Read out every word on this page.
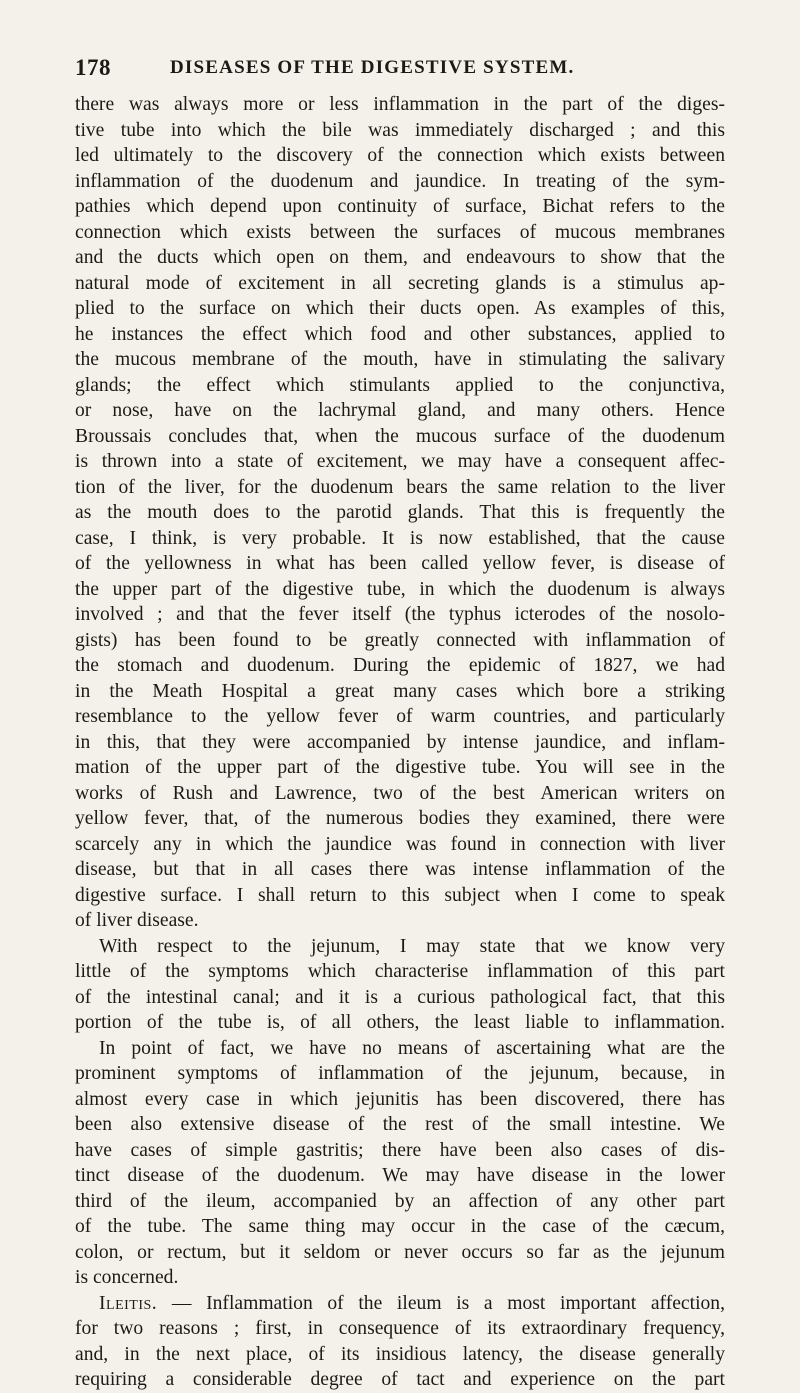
178	DISEASES OF THE DIGESTIVE SYSTEM.
there was always more or less inflammation in the part of the diges-
tive tube into which the bile was immediately discharged ; and this
led ultimately to the discovery of the connection which exists between
inflammation of the duodenum and jaundice. In treating of the sym-
pathies which depend upon continuity of surface, Bichat refers to the
connection which exists between the surfaces of mucous membranes
and the ducts which open on them, and endeavours to show that the
natural mode of excitement in all secreting glands is a stimulus ap-
plied to the surface on which their ducts open. As examples of this,
he instances the effect which food and other substances, applied to
the mucous membrane of the mouth, have in stimulating the salivary
glands; the effect which stimulants applied to the conjunctiva,
or nose, have on the lachrymal gland, and many others. Hence
Broussais concludes that, when the mucous surface of the duodenum
is thrown into a state of excitement, we may have a consequent affec-
tion of the liver, for the duodenum bears the same relation to the liver
as the mouth does to the parotid glands. That this is frequently the
case, I think, is very probable. It is now established, that the cause
of the yellowness in what has been called yellow fever, is disease of
the upper part of the digestive tube, in which the duodenum is always
involved ; and that the fever itself (the typhus icterodes of the nosolo-
gists) has been found to be greatly connected with inflammation of
the stomach and duodenum. During the epidemic of 1827, we had
in the Meath Hospital a great many cases which bore a striking
resemblance to the yellow fever of warm countries, and particularly
in this, that they were accompanied by intense jaundice, and inflam-
mation of the upper part of the digestive tube. You will see in the
works of Rush and Lawrence, two of the best American writers on
yellow fever, that, of the numerous bodies they examined, there were
scarcely any in which the jaundice was found in connection with liver
disease, but that in all cases there was intense inflammation of the
digestive surface. I shall return to this subject when I come to speak
of liver disease.
With respect to the jejunum, I may state that we know very
little of the symptoms which characterise inflammation of this part
of the intestinal canal; and it is a curious pathological fact, that this
portion of the tube is, of all others, the least liable to inflammation.
In point of fact, we have no means of ascertaining what are the
prominent symptoms of inflammation of the jejunum, because, in
almost every case in which jejunitis has been discovered, there has
been also extensive disease of the rest of the small intestine. We
have cases of simple gastritis; there have been also cases of dis-
tinct disease of the duodenum. We may have disease in the lower
third of the ileum, accompanied by an affection of any other part
of the tube. The same thing may occur in the case of the cæcum,
colon, or rectum, but it seldom or never occurs so far as the jejunum
is concerned.
Ileitis. — Inflammation of the ileum is a most important affection,
for two reasons ; first, in consequence of its extraordinary frequency,
and, in the next place, of its insidious latency, the disease generally
requiring a considerable degree of tact and experience on the part
